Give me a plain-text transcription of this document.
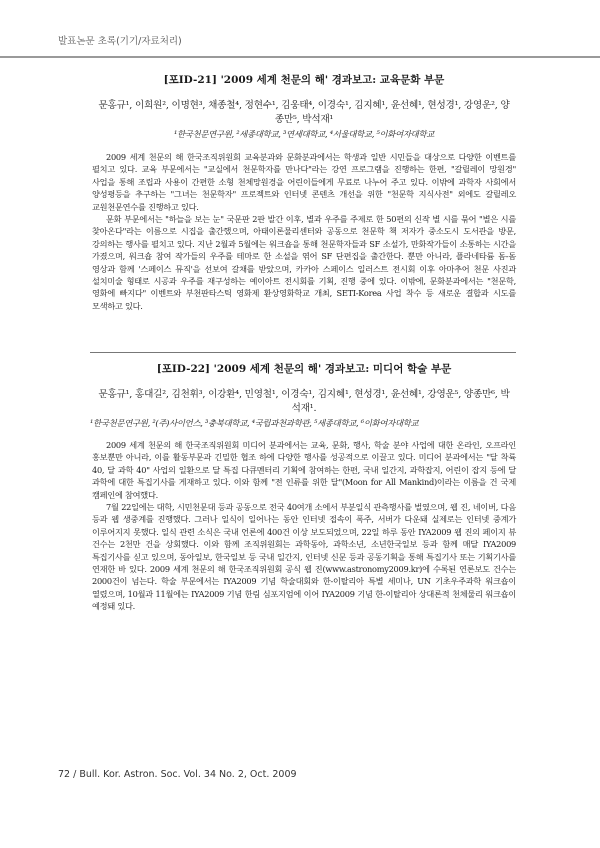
발표논문 초록(기기/자료처리)
[포ID-21] '2009 세계 천문의 해' 경과보고: 교육문화 부문

문홍규¹, 이희원², 이명현³, 채종철⁴, 정현수¹, 김웅태⁴, 이경숙¹, 김지혜¹, 윤선혜¹, 현성경¹, 강영운², 양종만⁵, 박석재¹

¹한국천문연구원, ²세종대학교, ³연세대학교, ⁴서울대학교, ⁵이화여자대학교

2009 세계 천문의 해 한국조직위원회 교육분과와 문화분과에서는 학생과 일반 시민들을 대상으로 다양한 이벤트를 펼치고 있다. 교육 부문에서는 "교실에서 천문학자를 만나다"라는 강연 프로그램을 진행하는 한편, "갈릴레이 망원경" 사업을 통해 조립과 사용이 간편한 소형 천체망원경을 어린이들에게 무료로 나누어 주고 있다. 이밖에 과학자 사회에서 양성평등을 추구하는 "그녀는 천문학자" 프로젝트와 인터넷 콘텐츠 개선을 위한 "천문학 지식사전" 외에도 갈릴레오 교원천문연수를 진행하고 있다.

문화 부문에서는 "하늘을 보는 눈" 국문판 2판 발간 이후, 별과 우주를 주제로 한 50편의 신작 별 시를 묶어 "별은 시를 찾아온다"라는 이름으로 시집을 출간했으며, 아태이론물리센터와 공동으로 천문학 책 저자가 중소도시 도서관을 방문, 강의하는 행사를 펼치고 있다. 지난 2월과 5월에는 워크숍을 통해 천문학자들과 SF 소설가, 만화작가들이 소통하는 시간을 가졌으며, 워크숍 참여 작가들의 우주를 테마로 한 소설을 엮어 SF 단편집을 출간한다. 뿐만 아니라, 플라네타륨 돔-돔 영상과 함께 '스페이스 뮤직'을 선보여 갈채를 받았으며, 카카아 스페이스 일러스트 전시회 이후 아마추어 천문 사진과 설치미술 형태로 시공과 우주를 재구성하는 예이아트 전시회를 기획, 진행 중에 있다. 이밖에, 문화분과에서는 "천문학, 영화에 빠지다" 이벤트와 부천판타스틱 영화제 환상영화학교 개최, SETI-Korea 사업 착수 등 새로운 결합과 시도를 모색하고 있다.

[포ID-22] '2009 세계 천문의 해' 경과보고: 미디어 학술 부문

문홍규¹, 홍대길², 김천휘³, 이강환⁴, 민영철¹, 이경숙¹, 김지혜¹, 현성경¹, 윤선혜¹, 강영운⁵, 양종만⁶, 박석재¹.

¹한국천문연구원, ²(주)사이언스, ³충북대학교, ⁴국립과천과학관, ⁵세종대학교, ⁶이화여자대학교

2009 세계 천문의 해 한국조직위원회 미디어 분과에서는 교육, 문화, 행사, 학술 분야 사업에 대한 온라인, 오프라인 홍보뿐만 아니라, 이를 활동부문과 긴밀한 협조 하에 다양한 행사를 성공적으로 이끌고 있다. 미디어 분과에서는 "달 착륙 40, 달 과학 40" 사업의 일환으로 달 특집 다큐멘터리 기획에 참여하는 한편, 국내 일간지, 과학잡지, 어린이 잡지 등에 달 과학에 대한 특집기사를 게재하고 있다. 이와 함께 "전 인류를 위한 달"(Moon for All Mankind)이라는 이름을 건 국제 캠페인에 참여했다.

7월 22일에는 대학, 시민천문대 등과 공동으로 전국 40여개 소에서 부분일식 관측행사를 벌였으며, 웹 진, 네이버, 다음 등과 웹 생중계를 진행했다. 그러나 일식이 일어나는 동안 인터넷 접속이 폭주, 서버가 다운돼 실제로는 인터넷 중계가 이루어지지 못했다. 일식 관련 소식은 국내 언론에 400건 이상 보도되었으며, 22일 하루 동안 IYA2009 웹 진의 페이지 뷰 건수는 2천만 건을 상회했다. 이와 함께 조직위원회는 과학동아, 과학소년, 소년한국일보 등과 함께 매달 IYA2009 특집기사를 싣고 있으며, 동아일보, 한국일보 등 국내 일간지, 인터넷 신문 등과 공동기획을 통해 특집기사 또는 기획기사를 연재한 바 있다. 2009 세계 천문의 해 한국조직위원회 공식 웹 진(www.astronomy2009.kr)에 수록된 연론보도 건수는 2000건이 넘는다. 학술 부문에서는 IYA2009 기념 학술대회와 한-이탈리아 특별 세미나, UN 기초우주과학 워크숍이 열렸으며, 10월과 11월에는 IYA2009 기념 한림 심포지엄에 이어 IYA2009 기념 한-이탈리아 상대론적 천체물리 워크숍이 예정돼 있다.

72 / Bull. Kor. Astron. Soc. Vol. 34 No. 2, Oct. 2009
